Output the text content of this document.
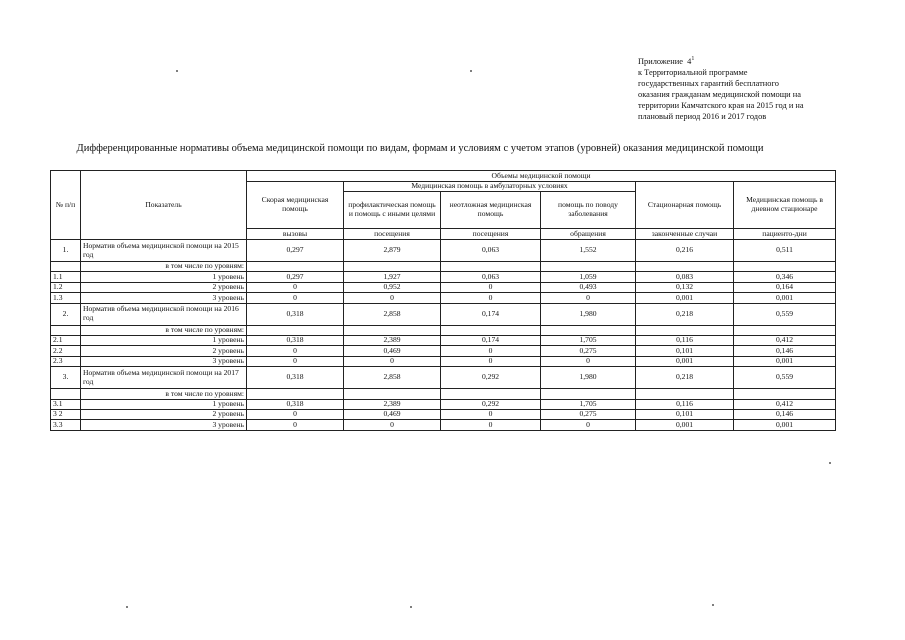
Приложение $4^1$
к Территориальной программе
государственных гарантий бесплатного
оказания гражданам медицинской помощи на
территории Камчатского края на 2015 год и на
плановый период 2016 и 2017 годов
Дифференцированные нормативы объема медицинской помощи по видам, формам и условиям с учетом этапов (уровней) оказания медицинской помощи
№ п/п	Показатель	Объемы медицинской помощи					
		Скорая медицинская помощь	Медицинская помощь в амбулаторных условиях			Стационарная помощь	Медицинская помощь в дневном стационаре
			профилактическая помощь и помощь с иными целями	неотложная медицинская помощь	помощь по поводу заболевания		
		вызовы	посещения	посещения	обращения	законченные случаи	пациенто-дни
1.	Норматив объема медицинской помощи на 2015 год	0,297	2,879	0,063	1,552	0,216	0,511
	в том числе по уровням:						
1.1	1 уровень	0,297	1,927	0,063	1,059	0,083	0,346
1.2	2 уровень	0	0,952	0	0,493	0,132	0,164
1.3	3 уровень	0	0	0	0	0,001	0,001
2.	Норматив объема медицинской помощи на 2016 год	0,318	2,858	0,174	1,980	0,218	0,559
	в том числе по уровням:						
2.1	1 уровень	0,318	2,389	0,174	1,705	0,116	0,412
2.2	2 уровень	0	0,469	0	0,275	0,101	0,146
2.3	3 уровень	0	0	0	0	0,001	0,001
3.	Норматив объема медицинской помощи на 2017 год	0,318	2,858	0,292	1,980	0,218	0,559
	в том числе по уровням:						
3.1	1 уровень	0,318	2,389	0,292	1,705	0,116	0,412
3 2	2 уровень	0	0,469	0	0,275	0,101	0,146
3.3	3 уровень	0	0	0	0	0,001	0,001
